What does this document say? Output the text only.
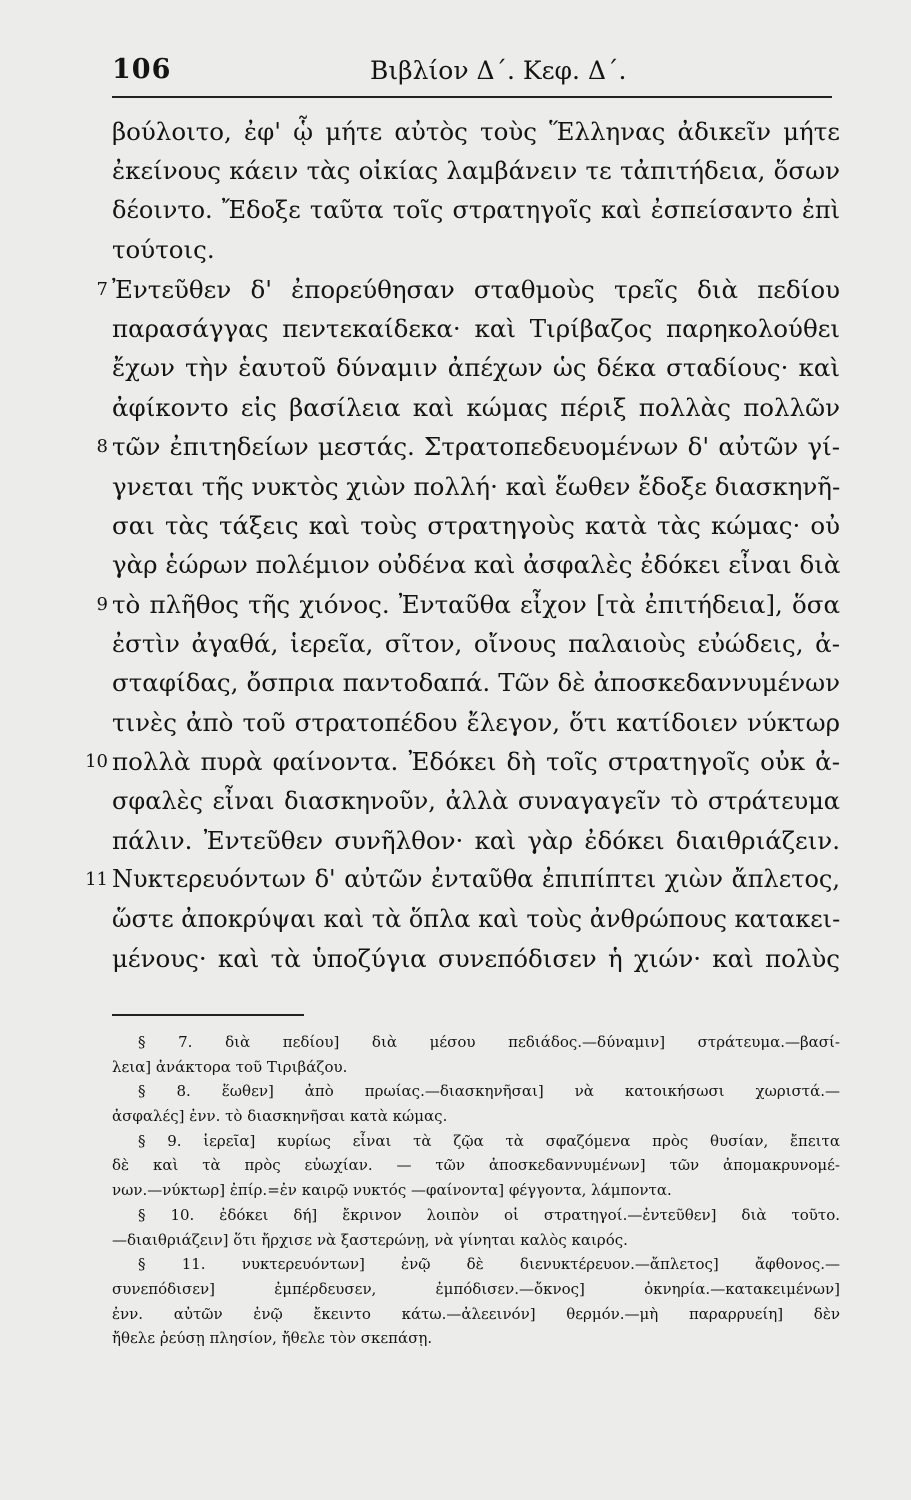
106	Βιβλίον Δ΄. Κεφ. Δ΄.
βούλοιτο, ἐφ' ᾧ μήτε αὐτὸς τοὺς Ἕλληνας ἀδικεῖν μήτε
ἐκείνους κάειν τὰς οἰκίας λαμβάνειν τε τἀπιτήδεια, ὅσων
δέοιντο. Ἔδοξε ταῦτα τοῖς στρατηγοῖς καὶ ἐσπείσαντο ἐπὶ
τούτοις.
7 Ἐντεῦθεν δ' ἐπορεύθησαν σταθμοὺς τρεῖς διὰ πεδίου
παρασάγγας πεντεκαίδεκα· καὶ Τιρίβαζος παρηκολούθει
ἔχων τὴν ἑαυτοῦ δύναμιν ἀπέχων ὡς δέκα σταδίους· καὶ
ἀφίκοντο εἰς βασίλεια καὶ κώμας πέριξ πολλὰς πολλῶν
8 τῶν ἐπιτηδείων μεστάς. Στρατοπεδευομένων δ' αὐτῶν γί-
γνεται τῆς νυκτὸς χιὼν πολλή· καὶ ἕωθεν ἔδοξε διασκηνῆ-
σαι τὰς τάξεις καὶ τοὺς στρατηγοὺς κατὰ τὰς κώμας· οὐ
γὰρ ἑώρων πολέμιον οὐδένα καὶ ἀσφαλὲς ἐδόκει εἶναι διὰ
9 τὸ πλῆθος τῆς χιόνος. Ἐνταῦθα εἶχον [τὰ ἐπιτήδεια], ὅσα
ἐστὶν ἀγαθά, ἱερεῖα, σῖτον, οἴνους παλαιοὺς εὐώδεις, ἀ-
σταφίδας, ὄσπρια παντοδαπά. Τῶν δὲ ἀποσκεδαννυμένων
τινὲς ἀπὸ τοῦ στρατοπέδου ἔλεγον, ὅτι κατίδοιεν νύκτωρ
10 πολλὰ πυρὰ φαίνοντα. Ἐδόκει δὴ τοῖς στρατηγοῖς οὐκ ἀ-
σφαλὲς εἶναι διασκηνοῦν, ἀλλὰ συναγαγεῖν τὸ στράτευμα
πάλιν. Ἐντεῦθεν συνῆλθον· καὶ γὰρ ἐδόκει διαιθριάζειν.
11 Νυκτερευόντων δ' αὐτῶν ἐνταῦθα ἐπιπίπτει χιὼν ἄπλετος,
ὥστε ἀποκρύψαι καὶ τὰ ὅπλα καὶ τοὺς ἀνθρώπους κατακει-
μένους· καὶ τὰ ὑποζύγια συνεπόδισεν ἡ χιών· καὶ πολὺς
§ 7. διὰ πεδίου] διὰ μέσου πεδιάδος.—δύναμιν] στράτευμα.—βασί-
λεια] ἀνάκτορα τοῦ Τιριβάζου.
§ 8. ἕωθεν] ἀπὸ πρωίας.—διασκηνῆσαι] νὰ κατοικήσωσι χωριστά.—
ἀσφαλές] ἐνν. τὸ διασκηνῆσαι κατὰ κώμας.
§ 9. ἱερεῖα] κυρίως εἶναι τὰ ζῷα τὰ σφαζόμενα πρὸς θυσίαν, ἔπειτα
δὲ καὶ τὰ πρὸς εὐωχίαν. — τῶν ἀποσκεδαννυμένων] τῶν ἀπομακρυνομέ-
νων.—νύκτωρ] ἐπίρ.=ἐν καιρῷ νυκτός —φαίνοντα] φέγγοντα, λάμποντα.
§ 10. ἐδόκει δή] ἔκρινον λοιπὸν οἱ στρατηγοί.—ἐντεῦθεν] διὰ τοῦτο.
—διαιθριάζειν] ὅτι ἤρχισε νὰ ξαστερώνῃ, νὰ γίνηται καλὸς καιρός.
§ 11. νυκτερευόντων] ἐνῷ δὲ διενυκτέρευον.—ἄπλετος] ἄφθονος.—
συνεπόδισεν] ἐμπέρδευσεν, ἐμπόδισεν.—ὄκνος] ὀκνηρία.—κατακειμένων]
ἐνν. αὐτῶν ἐνῷ ἔκειντο κάτω.—ἀλεεινόν] θερμόν.—μὴ παραρρυείη] δὲν
ἤθελε ῥεύσῃ πλησίον, ἤθελε τὸν σκεπάσῃ.
